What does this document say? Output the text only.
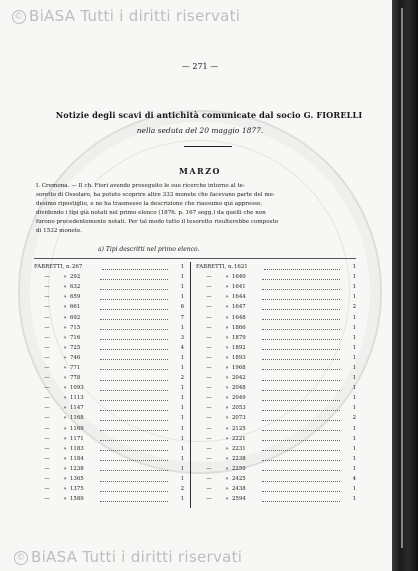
© BiASA Tutti i diritti riservati
© BiASA Tutti i diritti riservati
— 271 —
Notizie degli scavi di antichità comunicate dal socio G. FIORELLI
nella seduta del 20 maggio 1877.
MARZO
I. Cremona. — Il ch. Fiori avendo proseguito le sue ricerche intorno al te-
soretto di Ossolaro, ha potuto scoprire altre 333 monete che facevano parte del me-
desimo ripostiglio, e ne ha trasmesso la descrizione che riassumo qui appresso,
dividendo i tipi già notati nel primo elenco (1876. p. 167 segg.) da quelli che non
furono precedentemente notati. Per tal modo tutto il tesoretto risulterebbe composto
di 1532 monete.
a) Tipi descritti nel primo elenco.
FABRETTI, n. 267	1
—	» 292	1
—	» 632	1
—	» 659	1
—	» 661	6
—	» 692	7
—	» 715	1
—	» 716	3
—	» 725	4
—	» 746	1
—	» 771	1
—	» 778	2
—	» 1093	1
—	» 1113	1
—	» 1147	1
—	» 1168	1
—	» 1169	1
—	» 1171	1
—	» 1183	1
—	» 1184	1
—	» 1238	1
—	» 1365	1
—	» 1375	2
—	» 1589	1
FABRETTI, n. 1621	1
—	» 1640	1
—	» 1641	1
—	» 1644	1
—	» 1647	2
—	» 1648	1
—	» 1866	1
—	» 1879	1
—	» 1892	1
—	» 1893	1
—	» 1968	1
—	» 2042	1
—	» 2048	1
—	» 2049	1
—	» 2053	1
—	» 2073	2
—	» 2125	1
—	» 2221	1
—	» 2231	1
—	» 2238	1
—	» 2259	1
—	» 2425	4
—	» 2438	1
—	» 2594	1
